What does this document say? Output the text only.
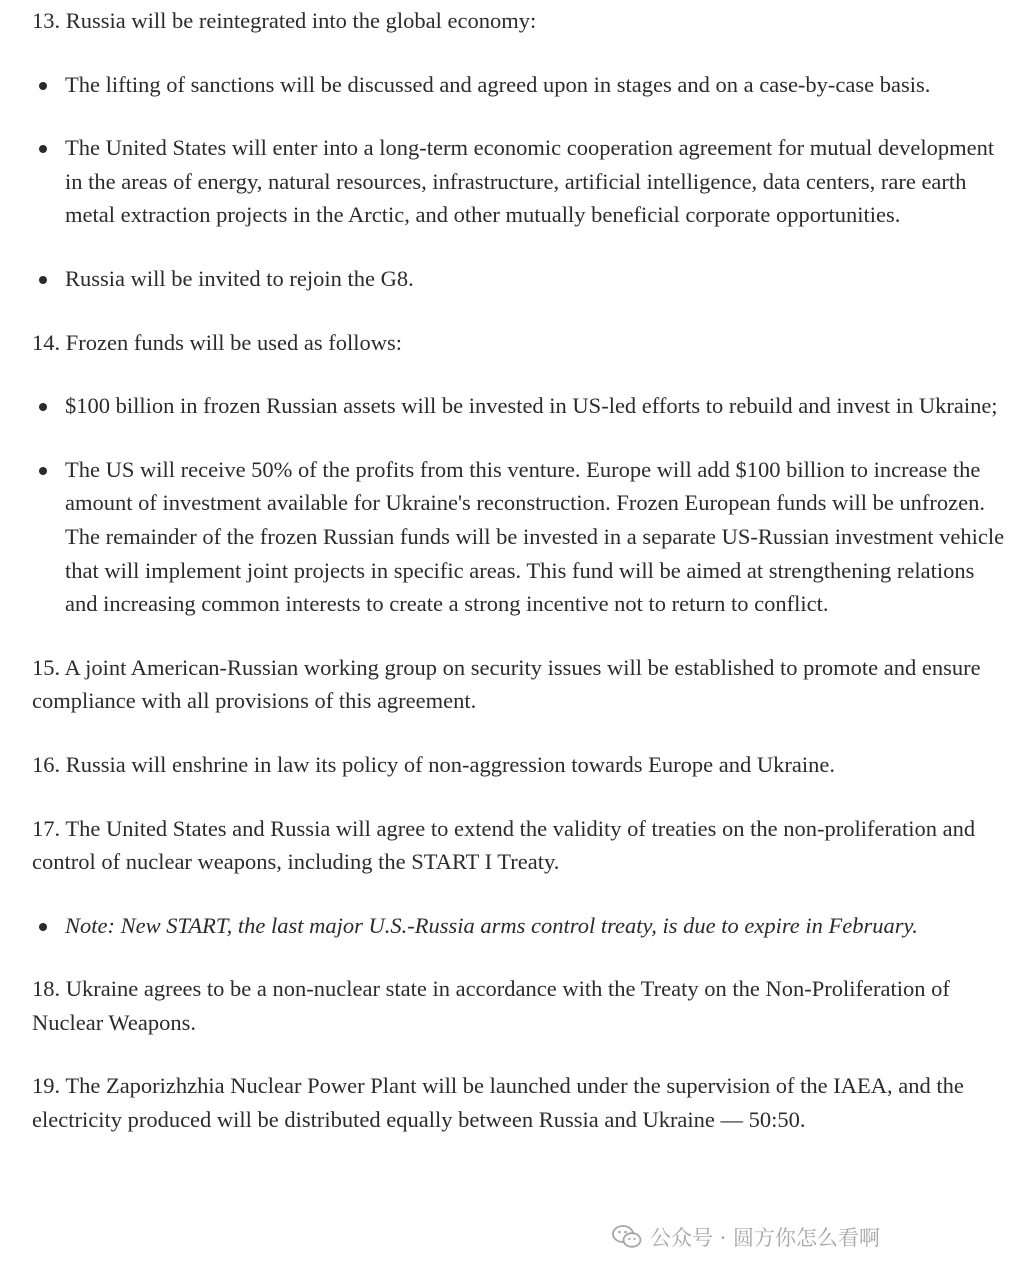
13. Russia will be reintegrated into the global economy:

The lifting of sanctions will be discussed and agreed upon in stages and on a case-by-case basis.
The United States will enter into a long-term economic cooperation agreement for mutual development in the areas of energy, natural resources, infrastructure, artificial intelligence, data centers, rare earth metal extraction projects in the Arctic, and other mutually beneficial corporate opportunities.
Russia will be invited to rejoin the G8.

14. Frozen funds will be used as follows:

$100 billion in frozen Russian assets will be invested in US-led efforts to rebuild and invest in Ukraine;
The US will receive 50% of the profits from this venture. Europe will add $100 billion to increase the amount of investment available for Ukraine's reconstruction. Frozen European funds will be unfrozen. The remainder of the frozen Russian funds will be invested in a separate US-Russian investment vehicle that will implement joint projects in specific areas. This fund will be aimed at strengthening relations and increasing common interests to create a strong incentive not to return to conflict.

15. A joint American-Russian working group on security issues will be established to promote and ensure compliance with all provisions of this agreement.

16. Russia will enshrine in law its policy of non-aggression towards Europe and Ukraine.

17. The United States and Russia will agree to extend the validity of treaties on the non-proliferation and control of nuclear weapons, including the START I Treaty.

Note: New START, the last major U.S.-Russia arms control treaty, is due to expire in February.

18. Ukraine agrees to be a non-nuclear state in accordance with the Treaty on the Non-Proliferation of Nuclear Weapons.

19. The Zaporizhzhia Nuclear Power Plant will be launched under the supervision of the IAEA, and the electricity produced will be distributed equally between Russia and Ukraine — 50:50.

公众号 · 圆方你怎么看啊
